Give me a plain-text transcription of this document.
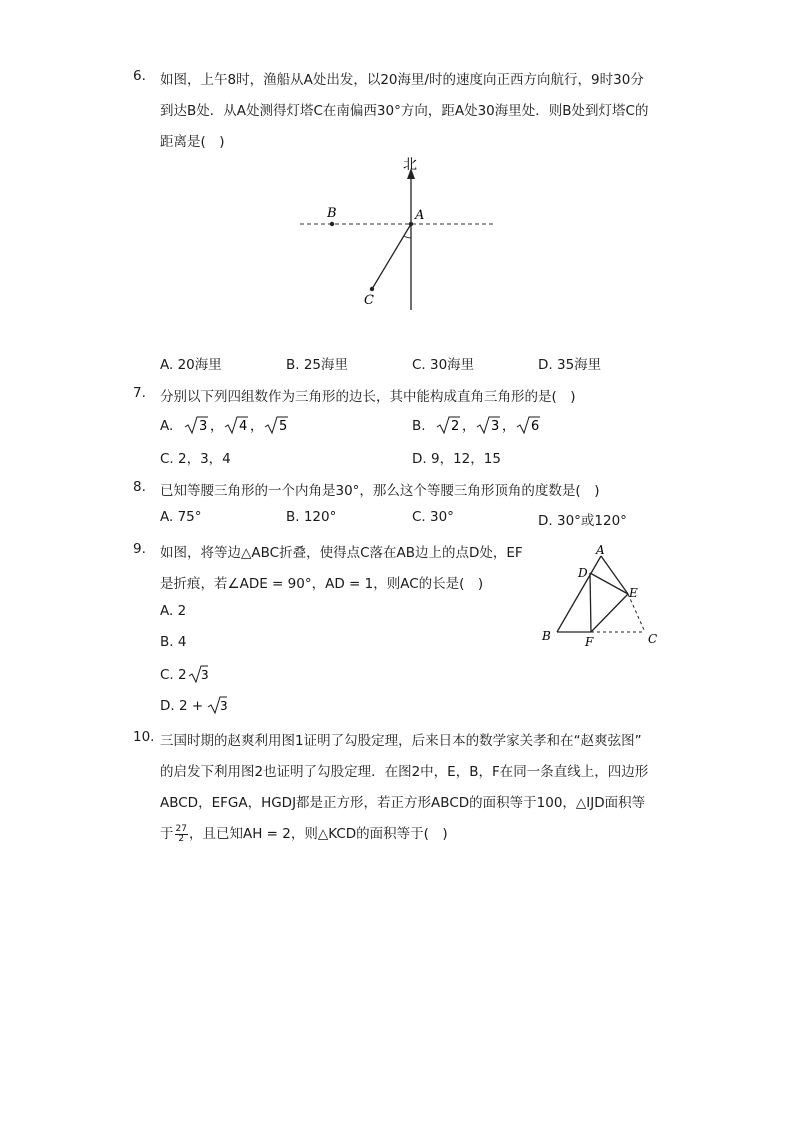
6. 如图，上午8时，渔船从A处出发，以20海里/时的速度向正西方向航行，9时30分
到达B处．从A处测得灯塔C在南偏西30°方向，距A处30海里处．则B处到灯塔C的
距离是(　)
北
A
B
C
A. 20海里	B. 25海里	C. 30海里	D. 35海里
7. 分别以下列四组数作为三角形的边长，其中能构成直角三角形的是(　)
A. 3 ， 4 ， 5	B. 2 ， 3 ， 6
C. 2，3，4	D. 9，12，15
8. 已知等腰三角形的一个内角是30°，那么这个等腰三角形顶角的度数是(　)
A. 75°	B. 120°	C. 30°	D. 30°或120°
9. 如图，将等边△ABC折叠，使得点C落在AB边上的点D处，EF
是折痕，若∠ADE = 90°，AD = 1，则AC的长是(　)
A. 2
B. 4
C. 2 3
D. 2 + 3
A
D
E
B	F	C
10. 三国时期的赵爽利用图1证明了勾股定理，后来日本的数学家关孝和在“赵爽弦图”
的启发下利用图2也证明了勾股定理．在图2中，E，B，F在同一条直线上，四边形
ABCD，EFGA，HGDJ都是正方形，若正方形ABCD的面积等于100，△IJD面积等
于 $\frac{27}{2}$ ，且已知AH = 2，则△KCD的面积等于(　)
